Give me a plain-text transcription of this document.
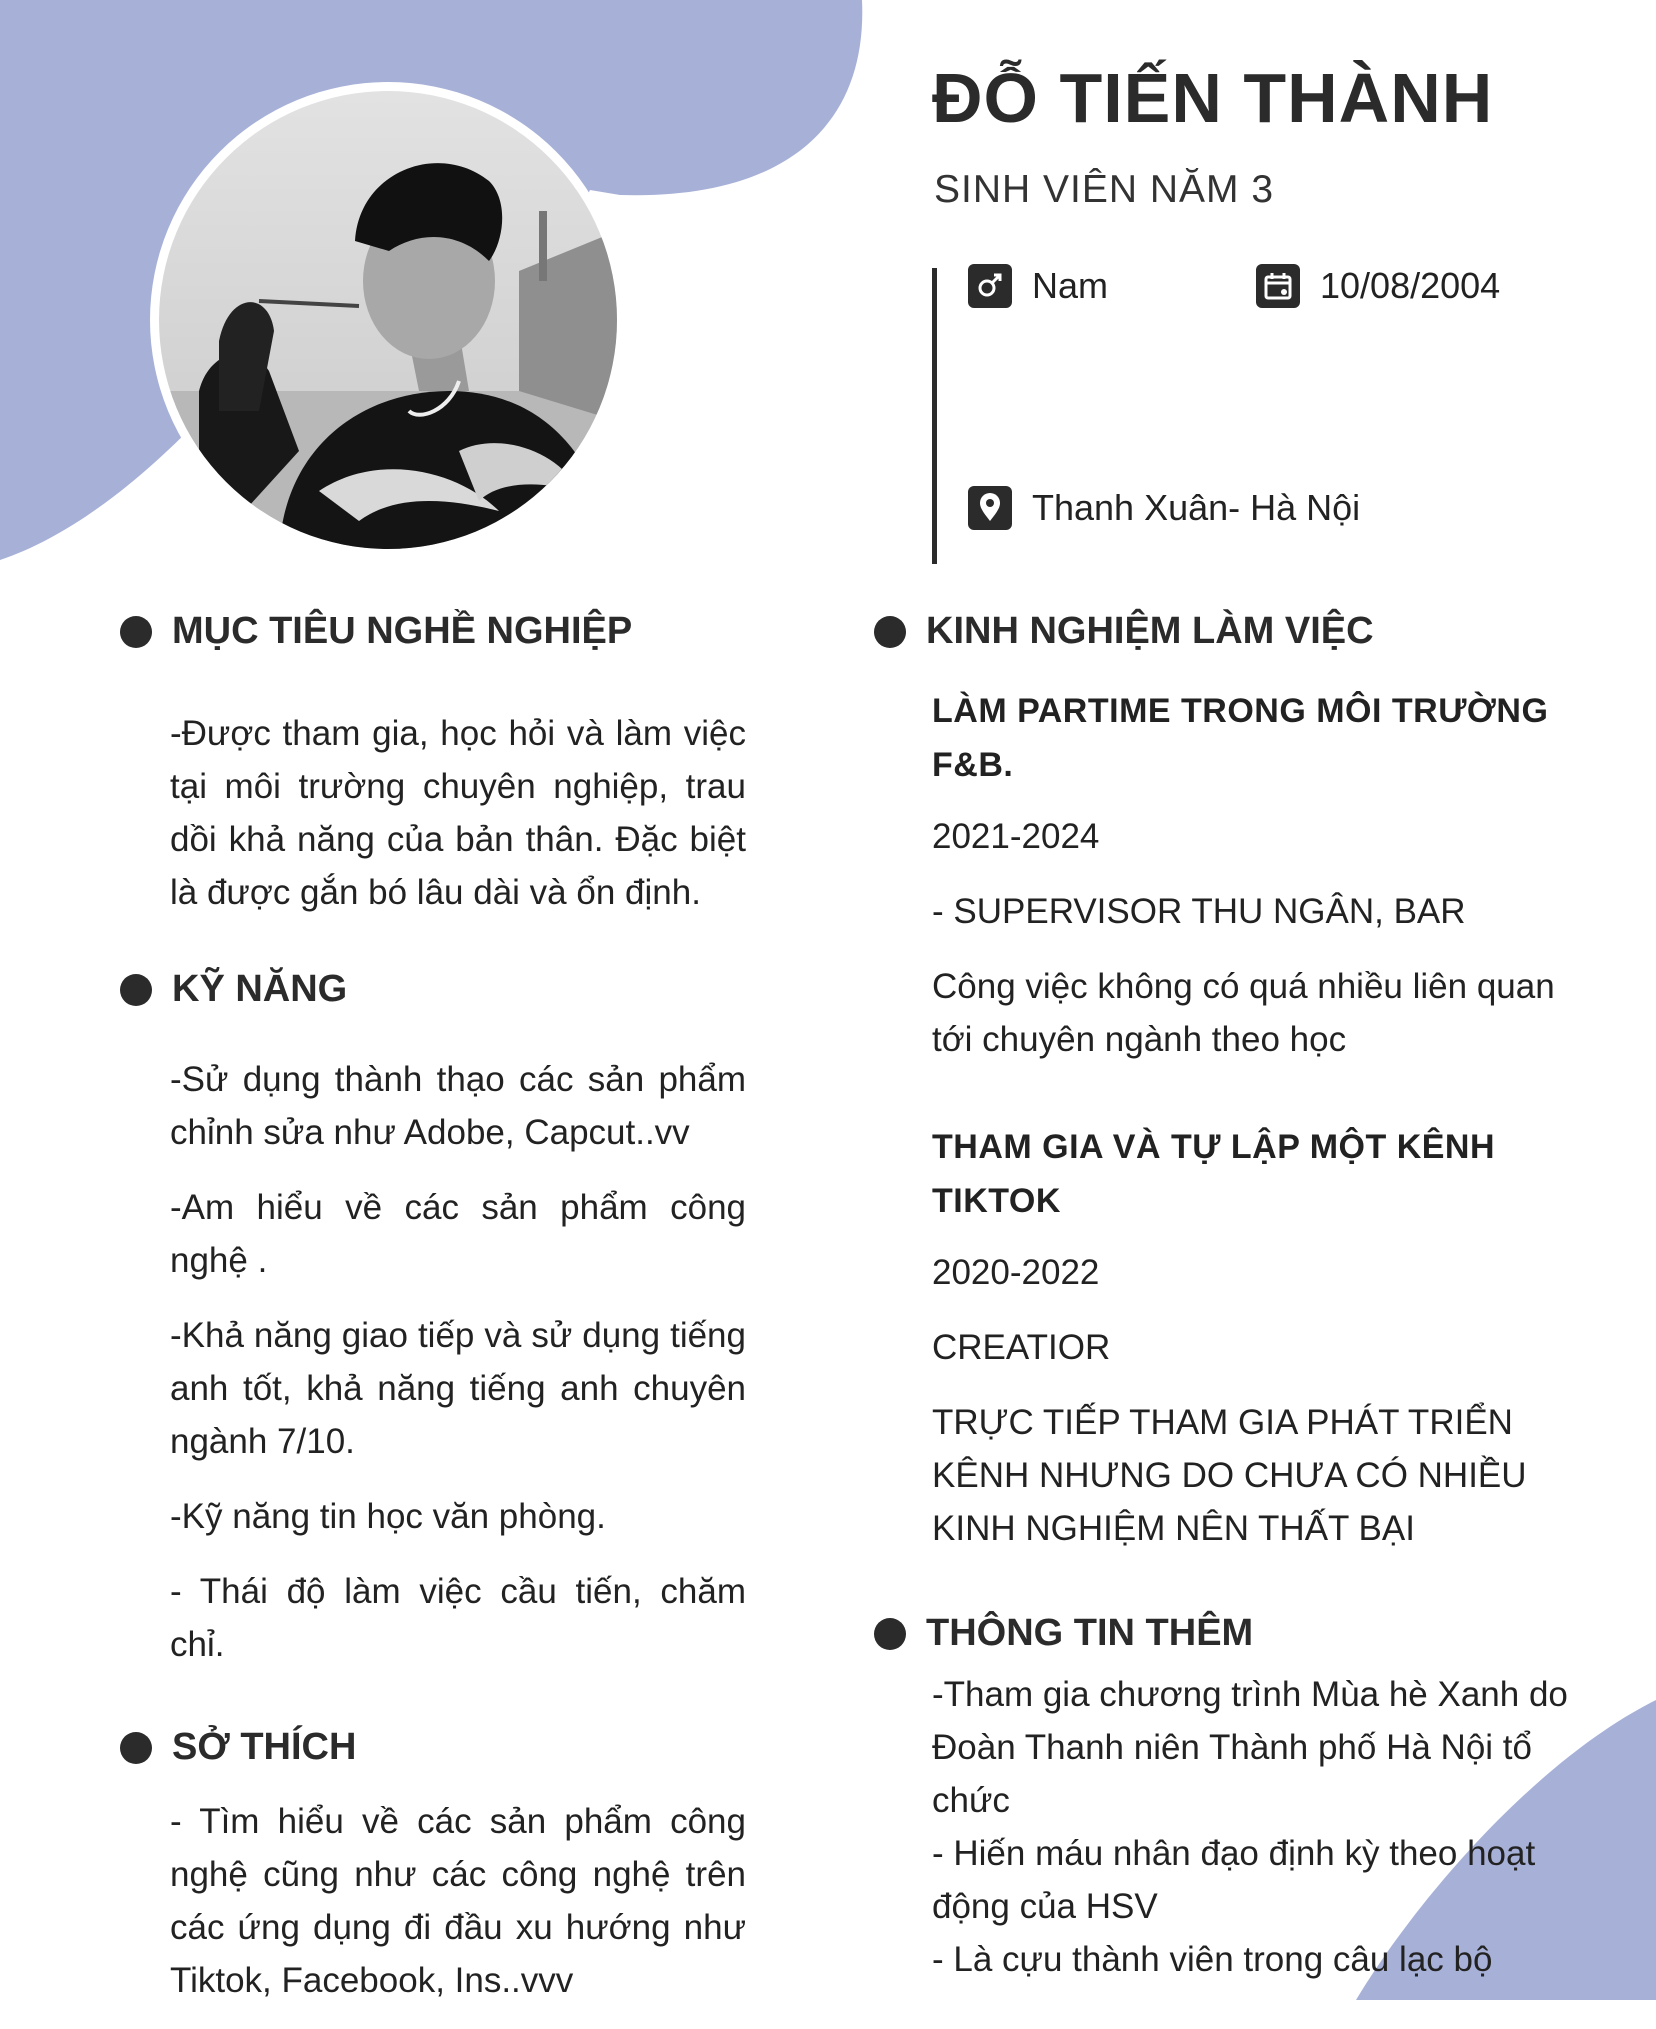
ĐỖ TIẾN THÀNH
SINH VIÊN NĂM 3
Nam	10/08/2004
Thanh Xuân- Hà Nội
MỤC TIÊU NGHỀ NGHIỆP

-Được tham gia, học hỏi và làm việc tại môi trường chuyên nghiệp, trau dồi khả năng của bản thân. Đặc biệt là được gắn bó lâu dài và ổn định.

KỸ NĂNG

-Sử dụng thành thạo các sản phẩm chỉnh sửa như Adobe, Capcut..vv

-Am hiểu về các sản phẩm công nghệ .

-Khả năng giao tiếp và sử dụng tiếng anh tốt, khả năng tiếng anh chuyên ngành 7/10.

-Kỹ năng tin học văn phòng.

- Thái độ làm việc cầu tiến, chăm chỉ.

SỞ THÍCH

- Tìm hiểu về các sản phẩm công nghệ cũng như các công nghệ trên các ứng dụng đi đầu xu hướng như Tiktok, Facebook, Ins..vvv

KINH NGHIỆM LÀM VIỆC
LÀM PARTIME TRONG MÔI TRƯỜNG F&B.

2021-2024

- SUPERVISOR THU NGÂN, BAR

Công việc không có quá nhiều liên quan tới chuyên ngành theo học

THAM GIA VÀ TỰ LẬP MỘT KÊNH TIKTOK

2020-2022

CREATIOR

TRỰC TIẾP THAM GIA PHÁT TRIỂN KÊNH NHƯNG DO CHƯA CÓ NHIỀU KINH NGHIỆM NÊN THẤT BẠI

THÔNG TIN THÊM

-Tham gia chương trình Mùa hè Xanh do Đoàn Thanh niên Thành phố Hà Nội tổ chức

- Hiến máu nhân đạo định kỳ theo hoạt động của HSV

- Là cựu thành viên trong câu lạc bộ
